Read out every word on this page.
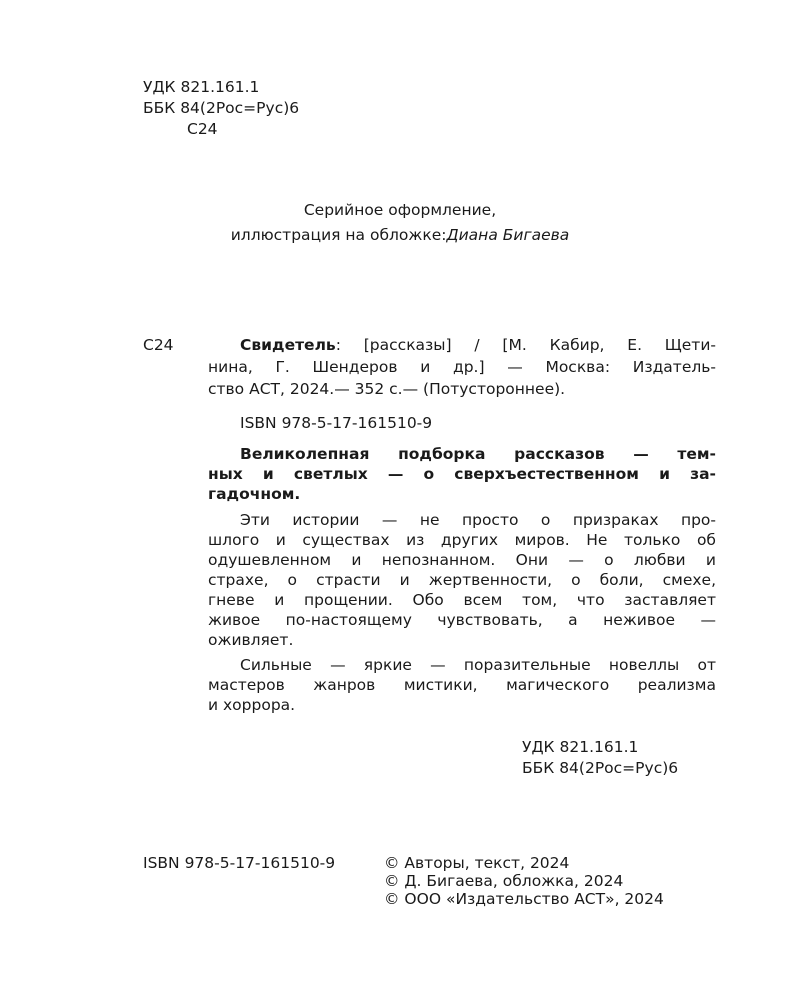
УДК 821.161.1
ББК 84(2Рос=Рус)6
С24
Серийное оформление,
иллюстрация на обложке:Диана Бигаева
С24	Свидетель: [рассказы] / [М. Кабир, Е. Щети-
нина, Г. Шендеров и др.] — Москва: Издатель-
ство АСТ, 2024.— 352 с.— (Потустороннее).
ISBN 978-5-17-161510-9
Великолепная подборка рассказов — тем-
ных и светлых — о сверхъестественном и за-
гадочном.
Эти истории — не просто о призраках про-
шлого и существах из других миров. Не только об
одушевленном и непознанном. Они — о любви и
страхе, о страсти и жертвенности, о боли, смехе,
гневе и прощении. Обо всем том, что заставляет
живое по-настоящему чувствовать, а неживое —
оживляет.
Сильные — яркие — поразительные новеллы от
мастеров жанров мистики, магического реализма
и хоррора.
УДК 821.161.1
ББК 84(2Рос=Рус)6
ISBN 978-5-17-161510-9	© Авторы, текст, 2024
© Д. Бигаева, обложка, 2024
© ООО «Издательство АСТ», 2024
